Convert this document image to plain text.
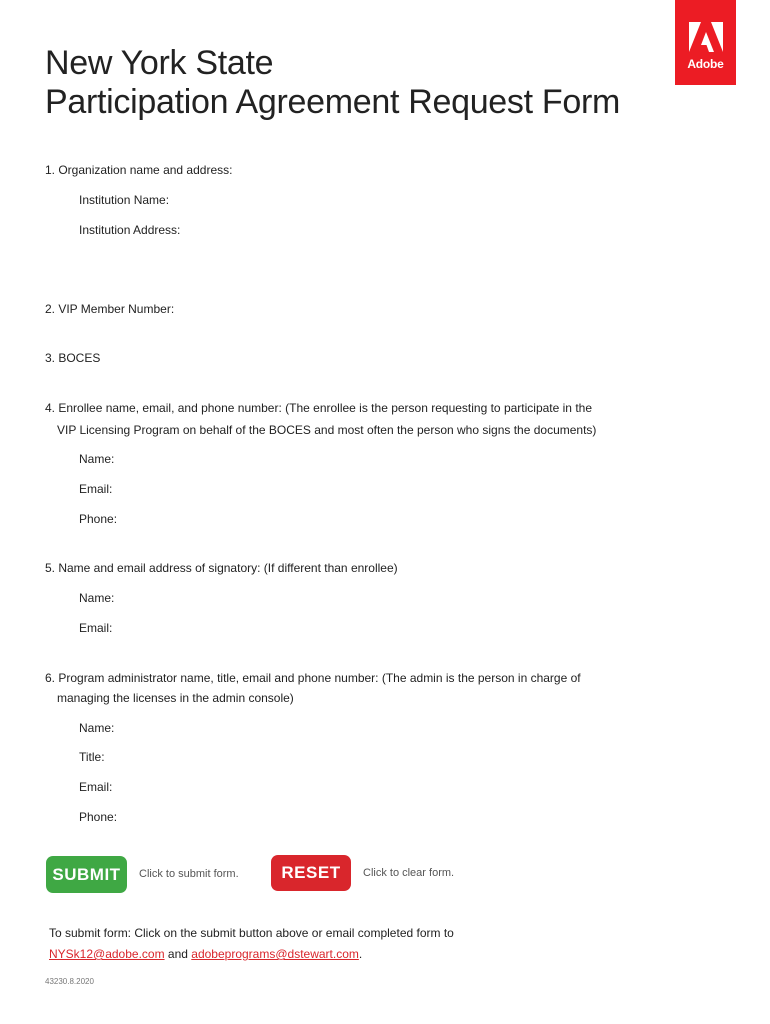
Adobe
New York State
Participation Agreement Request Form
1. Organization name and address:
Institution Name:
Institution Address:
2. VIP Member Number:
3. BOCES
4. Enrollee name, email, and phone number: (The enrollee is the person requesting to participate in the
VIP Licensing Program on behalf of the BOCES and most often the person who signs the documents)
Name:
Email:
Phone:
5. Name and email address of signatory: (If different than enrollee)
Name:
Email:
6. Program administrator name, title, email and phone number: (The admin is the person in charge of
managing the licenses in the admin console)
Name:
Title:
Email:
Phone:
SUBMIT	Click to submit form.	RESET	Click to clear form.
To submit form: Click on the submit button above or email completed form to
NYSk12@adobe.com and adobeprograms@dstewart.com.
43230.8.2020
